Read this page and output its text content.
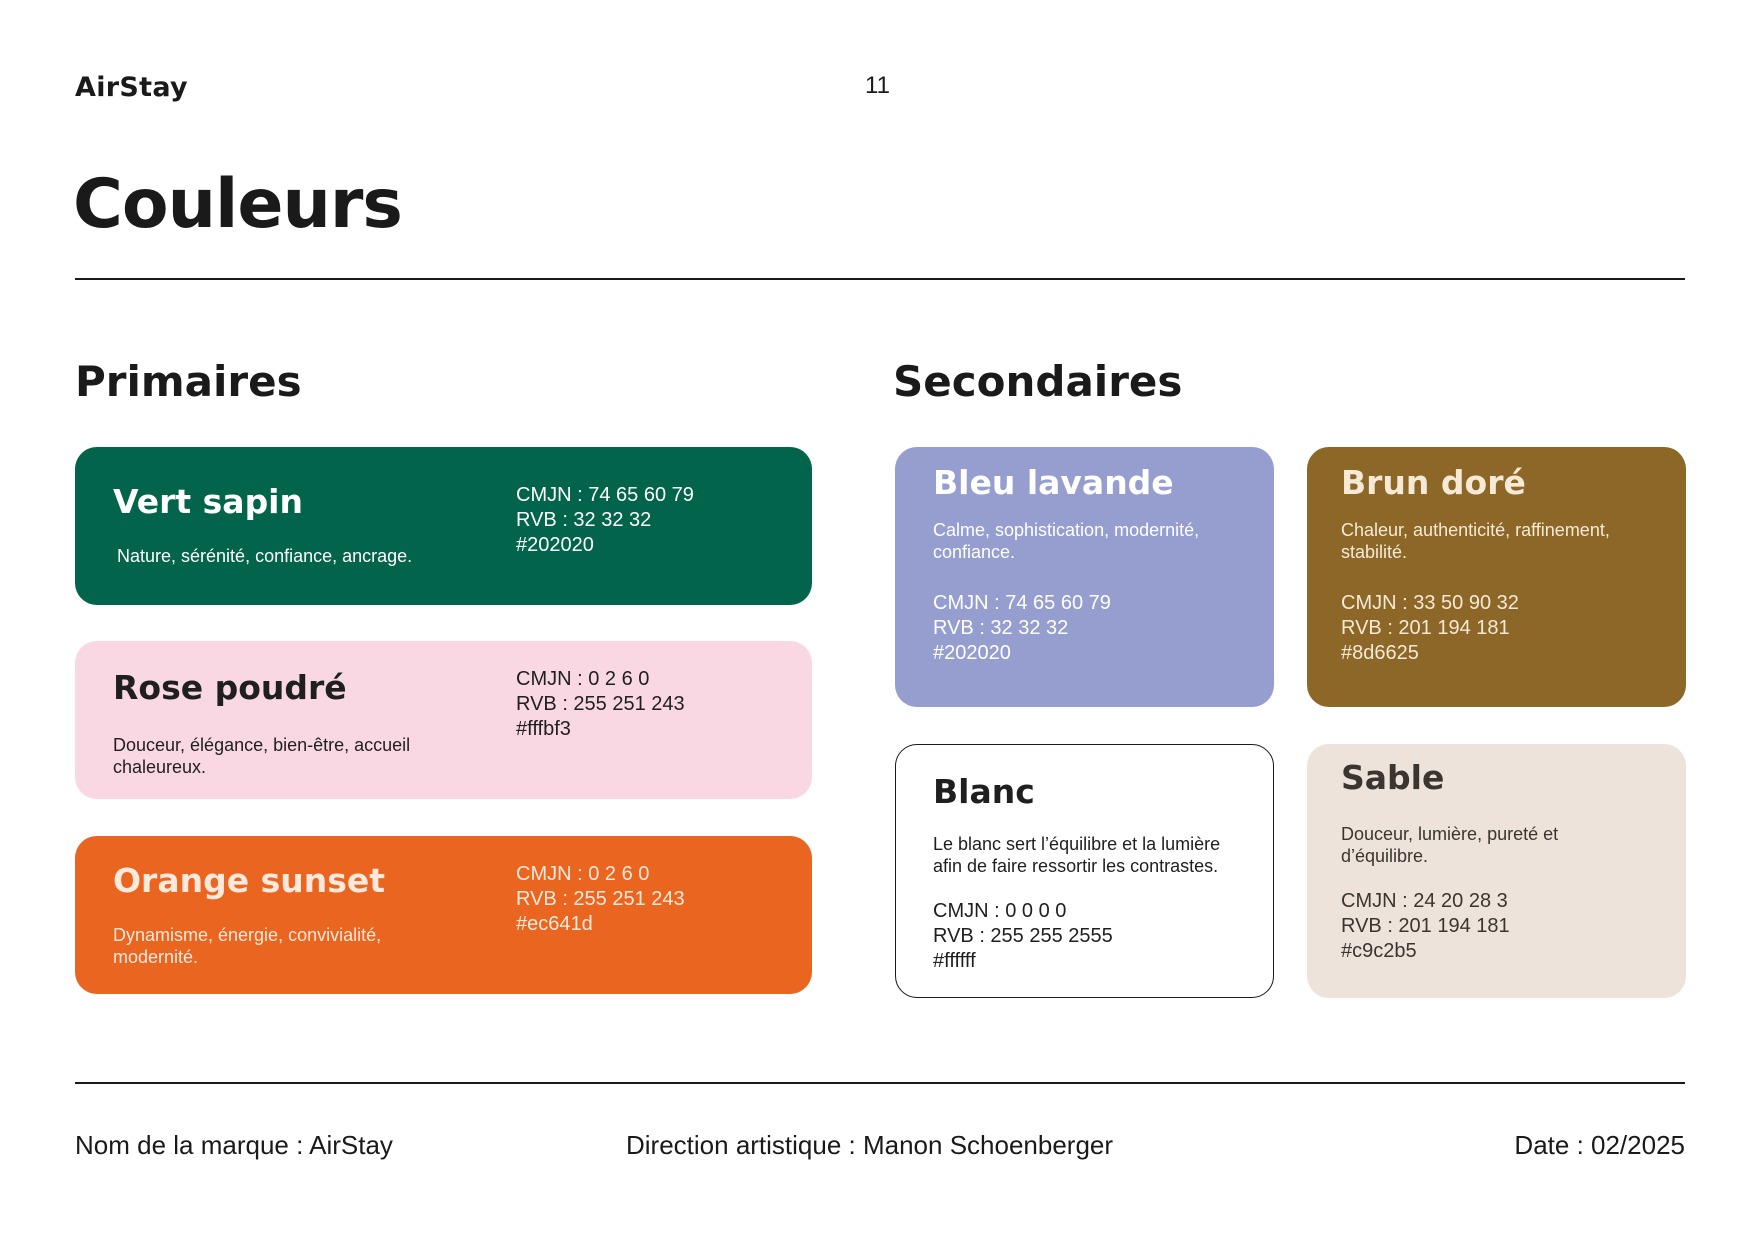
AirStay	11
Couleurs
Primaires	Secondaires
Vert sapin
Nature, sérénité, confiance, ancrage.
CMJN : 74 65 60 79
RVB : 32 32 32
#202020
Rose poudré
Douceur, élégance, bien-être, accueil chaleureux.
CMJN : 0 2 6 0
RVB : 255 251 243
#fffbf3
Orange sunset
Dynamisme, énergie, convivialité, modernité.
CMJN : 0 2 6 0
RVB : 255 251 243
#ec641d
Bleu lavande
Calme, sophistication, modernité, confiance.
CMJN : 74 65 60 79
RVB : 32 32 32
#202020
Brun doré
Chaleur, authenticité, raffinement, stabilité.
CMJN : 33 50 90 32
RVB : 201 194 181
#8d6625
Blanc
Le blanc sert l’équilibre et la lumière afin de faire ressortir les contrastes.
CMJN : 0 0 0 0
RVB : 255 255 2555
#ffffff
Sable
Douceur, lumière, pureté et d’équilibre.
CMJN : 24 20 28 3
RVB : 201 194 181
#c9c2b5
Nom de la marque : AirStay	Direction artistique : Manon Schoenberger	Date : 02/2025
